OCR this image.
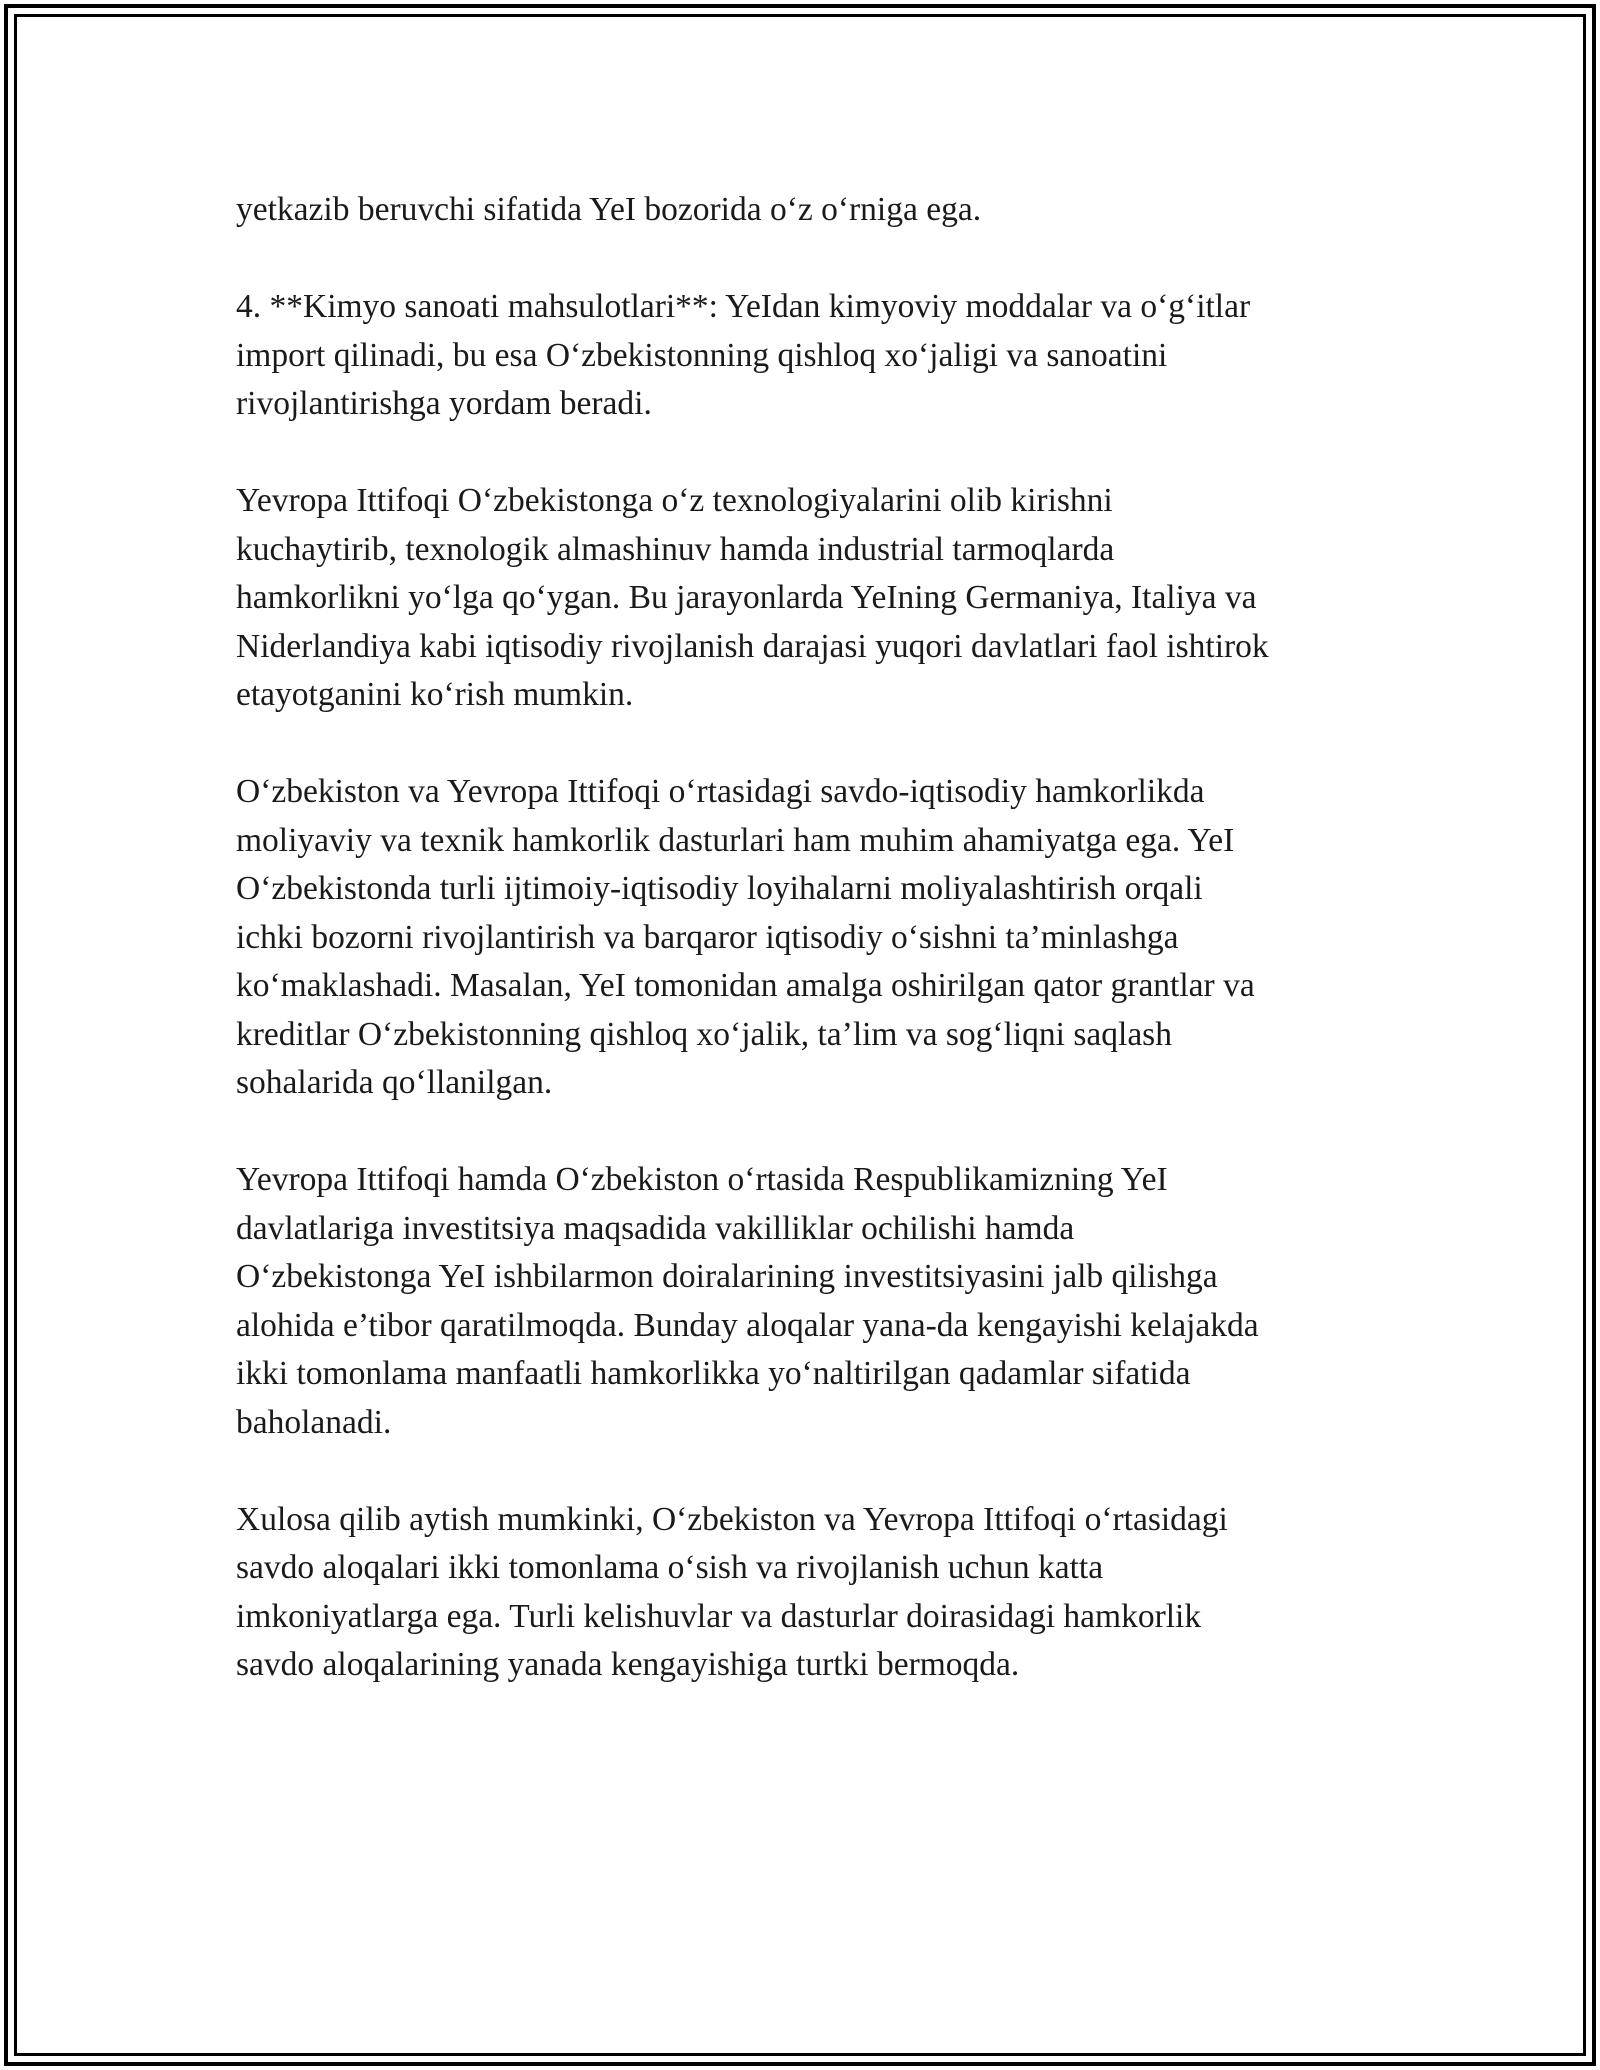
yetkazib beruvchi sifatida YeI bozorida o‘z o‘rniga ega.

4. **Kimyo sanoati mahsulotlari**: YeIdan kimyoviy moddalar va o‘g‘itlar
import qilinadi, bu esa O‘zbekistonning qishloq xo‘jaligi va sanoatini
rivojlantirishga yordam beradi.

Yevropa Ittifoqi O‘zbekistonga o‘z texnologiyalarini olib kirishni
kuchaytirib, texnologik almashinuv hamda industrial tarmoqlarda
hamkorlikni yo‘lga qo‘ygan. Bu jarayonlarda YeIning Germaniya, Italiya va
Niderlandiya kabi iqtisodiy rivojlanish darajasi yuqori davlatlari faol ishtirok
etayotganini ko‘rish mumkin.

O‘zbekiston va Yevropa Ittifoqi o‘rtasidagi savdo-iqtisodiy hamkorlikda
moliyaviy va texnik hamkorlik dasturlari ham muhim ahamiyatga ega. YeI
O‘zbekistonda turli ijtimoiy-iqtisodiy loyihalarni moliyalashtirish orqali
ichki bozorni rivojlantirish va barqaror iqtisodiy o‘sishni ta’minlashga
ko‘maklashadi. Masalan, YeI tomonidan amalga oshirilgan qator grantlar va
kreditlar O‘zbekistonning qishloq xo‘jalik, ta’lim va sog‘liqni saqlash
sohalarida qo‘llanilgan.

Yevropa Ittifoqi hamda O‘zbekiston o‘rtasida Respublikamizning YeI
davlatlariga investitsiya maqsadida vakilliklar ochilishi hamda
O‘zbekistonga YeI ishbilarmon doiralarining investitsiyasini jalb qilishga
alohida e’tibor qaratilmoqda. Bunday aloqalar yana-da kengayishi kelajakda
ikki tomonlama manfaatli hamkorlikka yo‘naltirilgan qadamlar sifatida
baholanadi.

Xulosa qilib aytish mumkinki, O‘zbekiston va Yevropa Ittifoqi o‘rtasidagi
savdo aloqalari ikki tomonlama o‘sish va rivojlanish uchun katta
imkoniyatlarga ega. Turli kelishuvlar va dasturlar doirasidagi hamkorlik
savdo aloqalarining yanada kengayishiga turtki bermoqda.
